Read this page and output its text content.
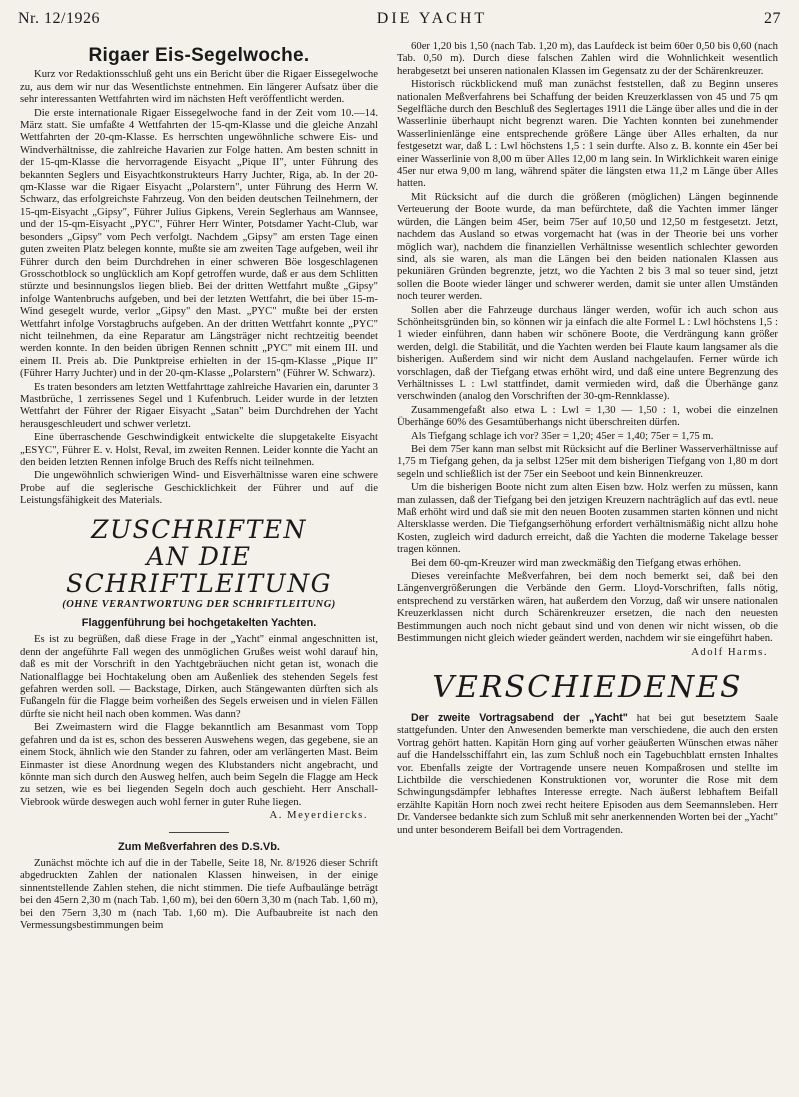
Nr. 12/1926	DIE YACHT	27
Rigaer Eis-Segelwoche.

Kurz vor Redaktionsschluß geht uns ein Bericht über die Rigaer Eissegelwoche zu, aus dem wir nur das Wesentlichste entnehmen. Ein längerer Aufsatz über die sehr interessanten Wettfahrten wird im nächsten Heft veröffentlicht werden.

Die erste internationale Rigaer Eissegelwoche fand in der Zeit vom 10.—14. März statt. Sie umfaßte 4 Wettfahrten der 15-qm-Klasse und die gleiche Anzahl Wettfahrten der 20-qm-Klasse. Es herrschten ungewöhnliche schwere Eis- und Windverhältnisse, die zahlreiche Havarien zur Folge hatten. Am besten schnitt in der 15-qm-Klasse die hervorragende Eisyacht „Pique II", unter Führung des bekannten Seglers und Eisyachtkonstrukteurs Harry Juchter, Riga, ab. In der 20-qm-Klasse war die Rigaer Eisyacht „Polarstern", unter Führung des Herrn W. Schwarz, das erfolgreichste Fahrzeug. Von den beiden deutschen Teilnehmern, der 15-qm-Eisyacht „Gipsy", Führer Julius Gipkens, Verein Seglerhaus am Wannsee, und der 15-qm-Eisyacht „PYC", Führer Herr Winter, Potsdamer Yacht-Club, war besonders „Gipsy" vom Pech verfolgt. Nachdem „Gipsy" am ersten Tage einen guten zweiten Platz belegen konnte, mußte sie am zweiten Tage aufgeben, weil ihr Führer durch den beim Durchdrehen in einer schweren Böe losgeschlagenen Grosschotblock so unglücklich am Kopf getroffen wurde, daß er aus dem Schlitten stürzte und besinnungslos liegen blieb. Bei der dritten Wettfahrt mußte „Gipsy" infolge Wantenbruchs aufgeben, und bei der letzten Wettfahrt, die bei über 15-m-Wind gesegelt wurde, verlor „Gipsy" den Mast. „PYC" mußte bei der ersten Wettfahrt infolge Vorstagbruchs aufgeben. An der dritten Wettfahrt konnte „PYC" nicht teilnehmen, da eine Reparatur am Längsträger nicht rechtzeitig beendet werden konnte. In den beiden übrigen Rennen schnitt „PYC" mit einem III. und einem II. Preis ab. Die Punktpreise erhielten in der 15-qm-Klasse „Pique II" (Führer Harry Juchter) und in der 20-qm-Klasse „Polarstern" (Führer W. Schwarz).

Es traten besonders am letzten Wettfahrttage zahlreiche Havarien ein, darunter 3 Mastbrüche, 1 zerrissenes Segel und 1 Kufenbruch. Leider wurde in der letzten Wettfahrt der Führer der Rigaer Eisyacht „Satan" beim Durchdrehen der Yacht herausgeschleudert und schwer verletzt.

Eine überraschende Geschwindigkeit entwickelte die slupgetakelte Eisyacht „ESYC", Führer E. v. Holst, Reval, im zweiten Rennen. Leider konnte die Yacht an den beiden letzten Rennen infolge Bruch des Reffs nicht teilnehmen.

Die ungewöhnlich schwierigen Wind- und Eisverhältnisse waren eine schwere Probe auf die seglerische Geschicklichkeit der Führer und auf die Leistungsfähigkeit des Materials.

ZUSCHRIFTEN
AN DIE SCHRIFTLEITUNG
(OHNE VERANTWORTUNG DER SCHRIFTLEITUNG)
Flaggenführung bei hochgetakelten Yachten.

Es ist zu begrüßen, daß diese Frage in der „Yacht" einmal angeschnitten ist, denn der angeführte Fall wegen des unmöglichen Grußes weist wohl darauf hin, daß es mit der Vorschrift in den Yachtgebräuchen nicht getan ist, wonach die Nationalflagge bei Hochtakelung oben am Außenliek des stehenden Segels fest gefahren werden soll. — Backstage, Dirken, auch Stängewanten dürften sich als Fußangeln für die Flagge beim vorheißen des Segels erweisen und in vielen Fällen dürfte sie nicht heil nach oben kommen. Was dann?

Bei Zweimastern wird die Flagge bekanntlich am Besanmast vom Topp gefahren und da ist es, schon des besseren Auswehens wegen, das gegebene, sie an einem Stock, ähnlich wie den Stander zu fahren, oder am verlängerten Mast. Beim Einmaster ist diese Anordnung wegen des Klubstanders nicht angebracht, und könnte man sich durch den Ausweg helfen, auch beim Segeln die Flagge am Heck zu setzen, wie es bei liegenden Segeln doch auch geschieht. Herr Anschall-Viebrook würde deswegen auch wohl ferner in guter Ruhe liegen.

A. Meyerdiercks.
Zum Meßverfahren des D.S.Vb.

Zunächst möchte ich auf die in der Tabelle, Seite 18, Nr. 8/1926 dieser Schrift abgedruckten Zahlen der nationalen Klassen hinweisen, in der einige sinnentstellende Zahlen stehen, die nicht stimmen. Die tiefe Aufbaulänge beträgt bei den 45ern 2,30 m (nach Tab. 1,60 m), bei den 60ern 3,30 m (nach Tab. 1,60 m), bei den 75ern 3,30 m (nach Tab. 1,60 m). Die Aufbaubreite ist nach den Vermessungsbestimmungen beim

60er 1,20 bis 1,50 (nach Tab. 1,20 m), das Laufdeck ist beim 60er 0,50 bis 0,60 (nach Tab. 0,50 m). Durch diese falschen Zahlen wird die Wohnlichkeit wesentlich herabgesetzt bei unseren nationalen Klassen im Gegensatz zu der der Schärenkreuzer.

Historisch rückblickend muß man zunächst feststellen, daß zu Beginn unseres nationalen Meßverfahrens bei Schaffung der beiden Kreuzerklassen von 45 und 75 qm Segelfläche durch den Beschluß des Seglertages 1911 die Länge über alles und die in der Wasserlinie überhaupt nicht begrenzt waren. Die Yachten konnten bei zunehmender Wasserlinienlänge eine entsprechende größere Länge über Alles erhalten, da nur festgesetzt war, daß L : Lwl höchstens 1,5 : 1 sein durfte. Also z. B. konnte ein 45er bei einer Wasserlinie von 8,00 m über Alles 12,00 m lang sein. In Wirklichkeit waren einige 45er nur etwa 9,00 m lang, während später die längsten etwa 11,2 m Länge über Alles hatten.

Mit Rücksicht auf die durch die größeren (möglichen) Längen beginnende Verteuerung der Boote wurde, da man befürchtete, daß die Yachten immer länger würden, die Längen beim 45er, beim 75er auf 10,50 und 12,50 m festgesetzt. Jetzt, nachdem das Ausland so etwas vorgemacht hat (was in der Theorie bei uns vorher möglich war), nachdem die finanziellen Verhältnisse wesentlich schlechter geworden sind, als sie waren, als man die Längen bei den beiden nationalen Klassen aus pekuniären Gründen begrenzte, jetzt, wo die Yachten 2 bis 3 mal so teuer sind, jetzt sollen die Boote wieder länger und schwerer werden, damit sie unter allen Umständen noch teurer werden.

Sollen aber die Fahrzeuge durchaus länger werden, wofür ich auch schon aus Schönheitsgründen bin, so können wir ja einfach die alte Formel L : Lwl höchstens 1,5 : 1 wieder einführen, dann haben wir schönere Boote, die Verdrängung kann größer werden, delgl. die Stabilität, und die Yachten werden bei Flaute kaum langsamer als die bisherigen. Außerdem sind wir nicht dem Ausland nachgelaufen. Ferner würde ich vorschlagen, daß der Tiefgang etwas erhöht wird, und daß eine untere Begrenzung des Verhältnisses L : Lwl stattfindet, damit vermieden wird, daß die Überhänge ganz verschwinden (analog den Vorschriften der 30-qm-Rennklasse).

Zusammengefaßt also etwa L : Lwl = 1,30 — 1,50 : 1, wobei die einzelnen Überhänge 60% des Gesamtüberhangs nicht überschreiten dürfen.

Als Tiefgang schlage ich vor? 35er = 1,20; 45er = 1,40; 75er = 1,75 m.

Bei dem 75er kann man selbst mit Rücksicht auf die Berliner Wasserverhältnisse auf 1,75 m Tiefgang gehen, da ja selbst 125er mit dem bisherigen Tiefgang von 1,80 m dort segeln und schließlich ist der 75er ein Seeboot und kein Binnenkreuzer.

Um die bisherigen Boote nicht zum alten Eisen bzw. Holz werfen zu müssen, kann man zulassen, daß der Tiefgang bei den jetzigen Kreuzern nachträglich auf das evtl. neue Maß erhöht wird und daß sie mit den neuen Booten zusammen starten können und nicht Altersklasse werden. Die Tiefgangserhöhung erfordert verhältnismäßig nicht allzu hohe Kosten, zugleich wird dadurch erreicht, daß die Yachten die moderne Takelage besser tragen können.

Bei dem 60-qm-Kreuzer wird man zweckmäßig den Tiefgang etwas erhöhen.

Dieses vereinfachte Meßverfahren, bei dem noch bemerkt sei, daß bei den Längenvergrößerungen die Verbände den Germ. Lloyd-Vorschriften, falls nötig, entsprechend zu verstärken wären, hat außerdem den Vorzug, daß wir unsere nationalen Kreuzerklassen nicht durch Schärenkreuzer ersetzen, die nach den neuesten Bestimmungen auch noch nicht gebaut sind und von denen wir nicht wissen, ob die Bestimmungen nicht gleich wieder geändert werden, nachdem wir sie eingeführt haben.

Adolf Harms.
VERSCHIEDENES

Der zweite Vortragsabend der „Yacht" hat bei gut besetztem Saale stattgefunden. Unter den Anwesenden bemerkte man verschiedene, die auch den ersten Vortrag gehört hatten. Kapitän Horn ging auf vorher geäußerten Wünschen etwas näher auf die Handelsschiffahrt ein, las zum Schluß noch ein Tagebuchblatt ernsten Inhaltes vor. Ebenfalls zeigte der Vortragende unsere neuen Kompaßrosen und stellte im Lichtbilde die verschiedenen Konstruktionen vor, worunter die Rose mit dem Schwingungsdämpfer lebhaftes Interesse erregte. Nach äußerst lebhaftem Beifall erzählte Kapitän Horn noch zwei recht heitere Episoden aus dem Seemannsleben. Herr Dr. Vandersee bedankte sich zum Schluß mit sehr anerkennenden Worten bei der „Yacht" und unter besonderem Beifall bei dem Vortragenden.
